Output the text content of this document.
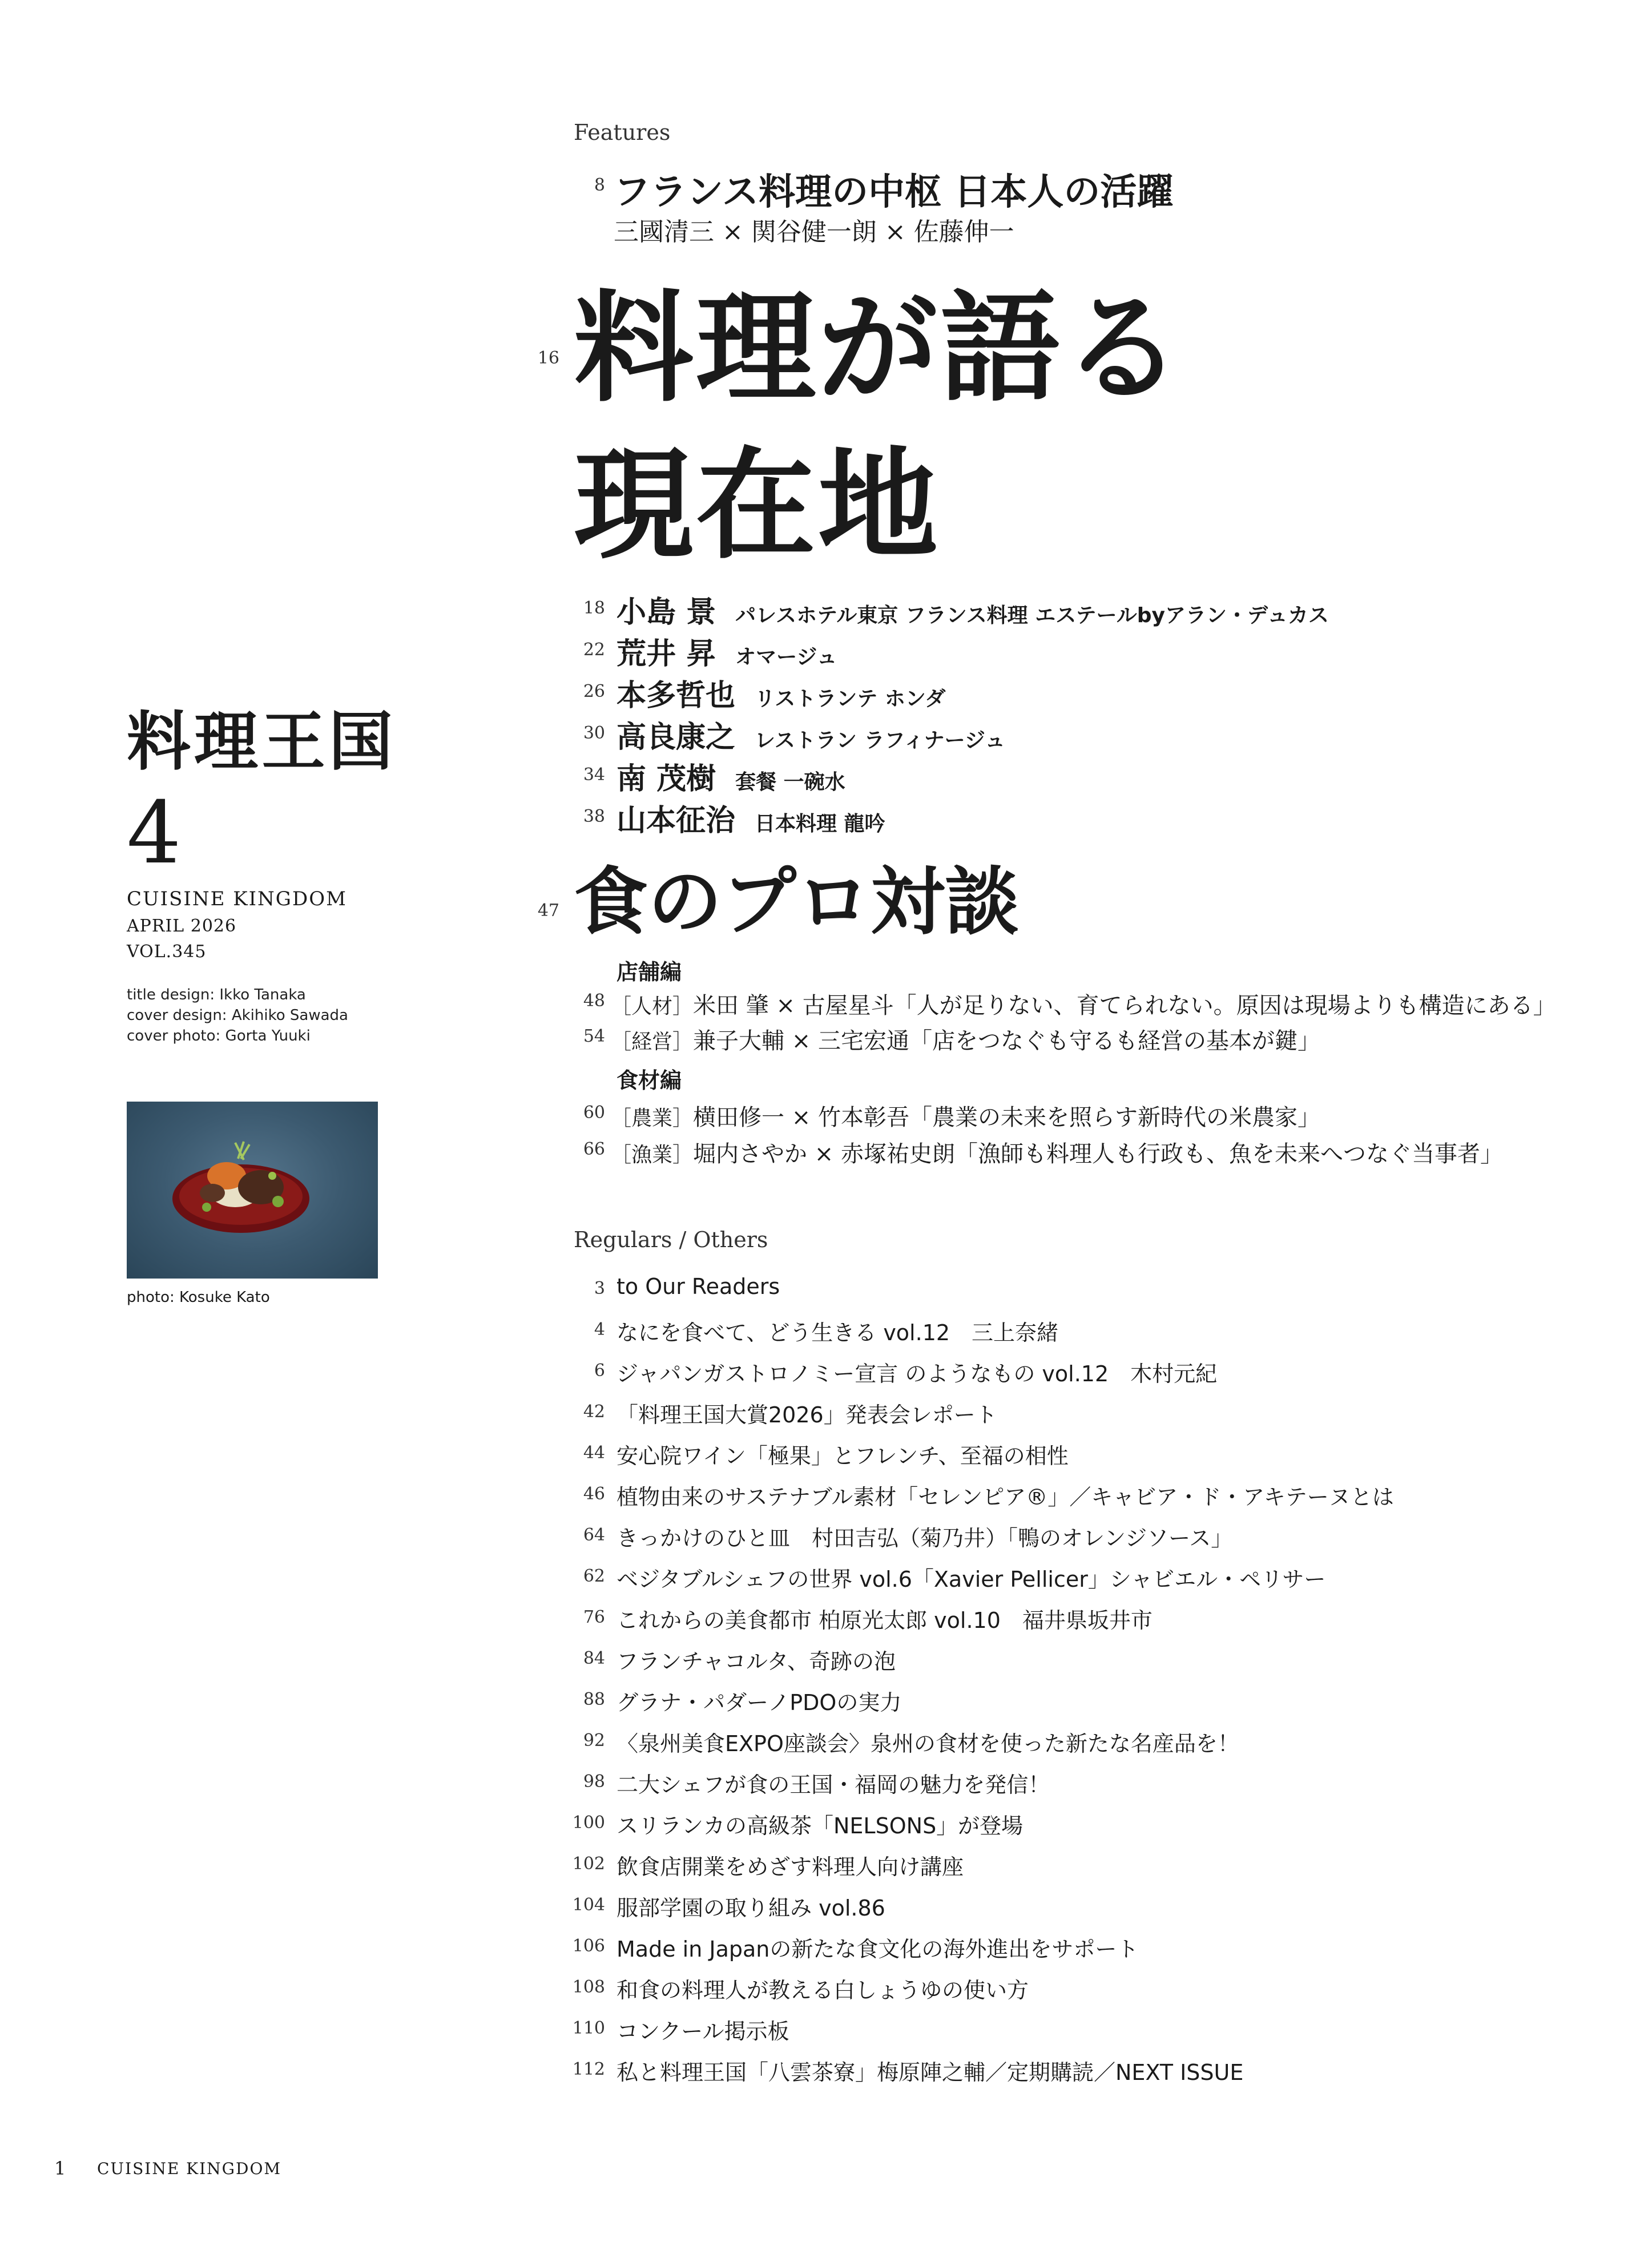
料理王国
4
CUISINE KINGDOM
APRIL 2026
VOL.345
title design: Ikko Tanaka
cover design: Akihiko Sawada
cover photo: Gorta Yuuki
photo: Kosuke Kato
Features
8 フランス料理の中枢 日本人の活躍
三國清三 × 関谷健一朗 × 佐藤伸一
16 料理が語る
現在地
18 小島 景 パレスホテル東京 フランス料理 エステールbyアラン・デュカス
22 荒井 昇 オマージュ
26 本多哲也 リストランテ ホンダ
30 高良康之 レストラン ラフィナージュ
34 南 茂樹 套餐 一碗水
38 山本征治 日本料理 龍吟
47 食のプロ対談
店舗編
48 ［人材］米田 肇 × 古屋星斗「人が足りない、育てられない。原因は現場よりも構造にある」
54 ［経営］兼子大輔 × 三宅宏通「店をつなぐも守るも経営の基本が鍵」
食材編
60 ［農業］横田修一 × 竹本彰吾「農業の未来を照らす新時代の米農家」
66 ［漁業］堀内さやか × 赤塚祐史朗「漁師も料理人も行政も、魚を未来へつなぐ当事者」
Regulars / Others
3 to Our Readers
4 なにを食べて、どう生きる vol.12　三上奈緒
6 ジャパンガストロノミー宣言 のようなもの vol.12　木村元紀
42 「料理王国大賞2026」発表会レポート
44 安心院ワイン「極果」とフレンチ、至福の相性
46 植物由来のサステナブル素材「セレンピア®」／キャビア・ド・アキテーヌとは
64 きっかけのひと皿　村田吉弘（菊乃井）「鴨のオレンジソース」
62 ベジタブルシェフの世界 vol.6「Xavier Pellicer」シャビエル・ペリサー
76 これからの美食都市 柏原光太郎 vol.10　福井県坂井市
84 フランチャコルタ、奇跡の泡
88 グラナ・パダーノPDOの実力
92 〈泉州美食EXPO座談会〉泉州の食材を使った新たな名産品を！
98 二大シェフが食の王国・福岡の魅力を発信！
100 スリランカの高級茶「NELSONS」が登場
102 飲食店開業をめざす料理人向け講座
104 服部学園の取り組み vol.86
106 Made in Japanの新たな食文化の海外進出をサポート
108 和食の料理人が教える白しょうゆの使い方
110 コンクール掲示板
112 私と料理王国「八雲茶寮」梅原陣之輔／定期購読／NEXT ISSUE
1 CUISINE KINGDOM
